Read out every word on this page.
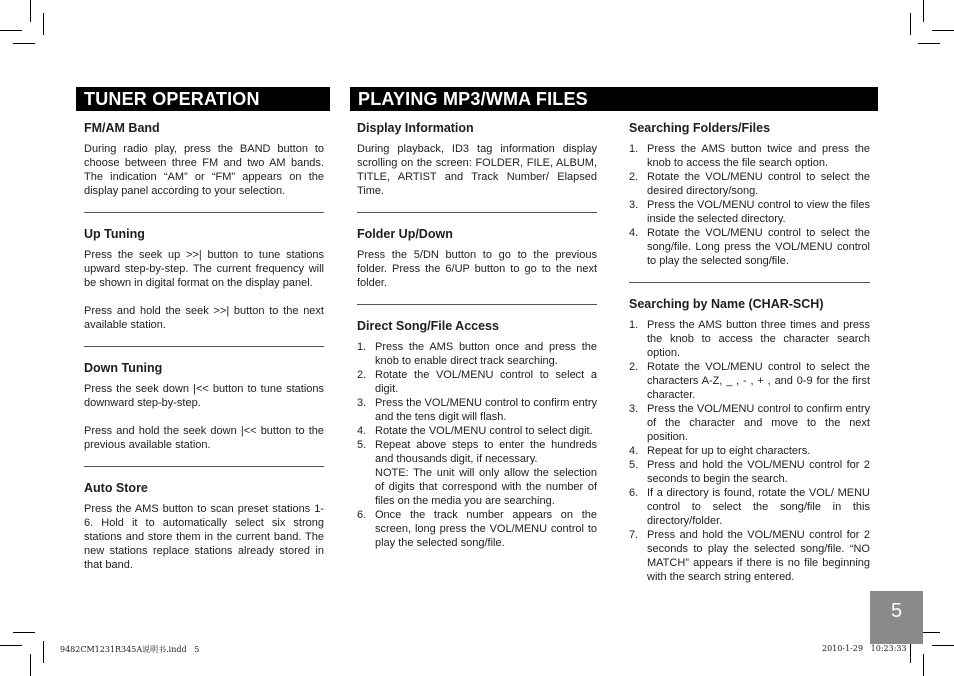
TUNER OPERATION	PLAYING MP3/WMA FILES
FM/AM Band

During radio play, press the BAND button to choose between three FM and two AM bands. The indication “AM” or “FM” appears on the display panel according to your selection.

Up Tuning

Press the seek up >>| button to tune stations upward step-by-step. The current frequency will be shown in digital format on the display panel.

Press and hold the seek >>| button to the next available station.

Down Tuning

Press the seek down |<< button to tune stations downward step-by-step.

Press and hold the seek down |<< button to the previous available station.

Auto Store

Press the AMS button to scan preset stations 1-6. Hold it to automatically select six strong stations and store them in the current band. The new stations replace stations already stored in that band.

Display Information

During playback, ID3 tag information display scrolling on the screen: FOLDER, FILE, ALBUM, TITLE, ARTIST and Track Number/ Elapsed Time.

Folder Up/Down

Press the 5/DN button to go to the previous folder. Press the 6/UP button to go to the next folder.

Direct Song/File Access
1. Press the AMS button once and press the knob to enable direct track searching.
2. Rotate the VOL/MENU control to select a digit.
3. Press the VOL/MENU control to confirm entry and the tens digit will flash.
4. Rotate the VOL/MENU control to select digit.
5. Repeat above steps to enter the hundreds and thousands digit, if necessary.
NOTE: The unit will only allow the selection of digits that correspond with the number of files on the media you are searching.
6. Once the track number appears on the screen, long press the VOL/MENU control to play the selected song/file.
Searching Folders/Files
1. Press the AMS button twice and press the knob to access the file search option.
2. Rotate the VOL/MENU control to select the desired directory/song.
3. Press the VOL/MENU control to view the files inside the selected directory.
4. Rotate the VOL/MENU control to select the song/file. Long press the VOL/MENU control to play the selected song/file.
Searching by Name (CHAR-SCH)
1. Press the AMS button three times and press the knob to access the character search option.
2. Rotate the VOL/MENU control to select the characters A-Z, _ , - , + , and 0-9 for the first character.
3. Press the VOL/MENU control to confirm entry of the character and move to the next position.
4. Repeat for up to eight characters.
5. Press and hold the VOL/MENU control for 2 seconds to begin the search.
6. If a directory is found, rotate the VOL/ MENU control to select the song/file in this directory/folder.
7. Press and hold the VOL/MENU control for 2 seconds to play the selected song/file. “NO MATCH” appears if there is no file beginning with the search string entered.
5
9482CM1231R345A说明书.indd   5	2010-1-29   10:23:33
